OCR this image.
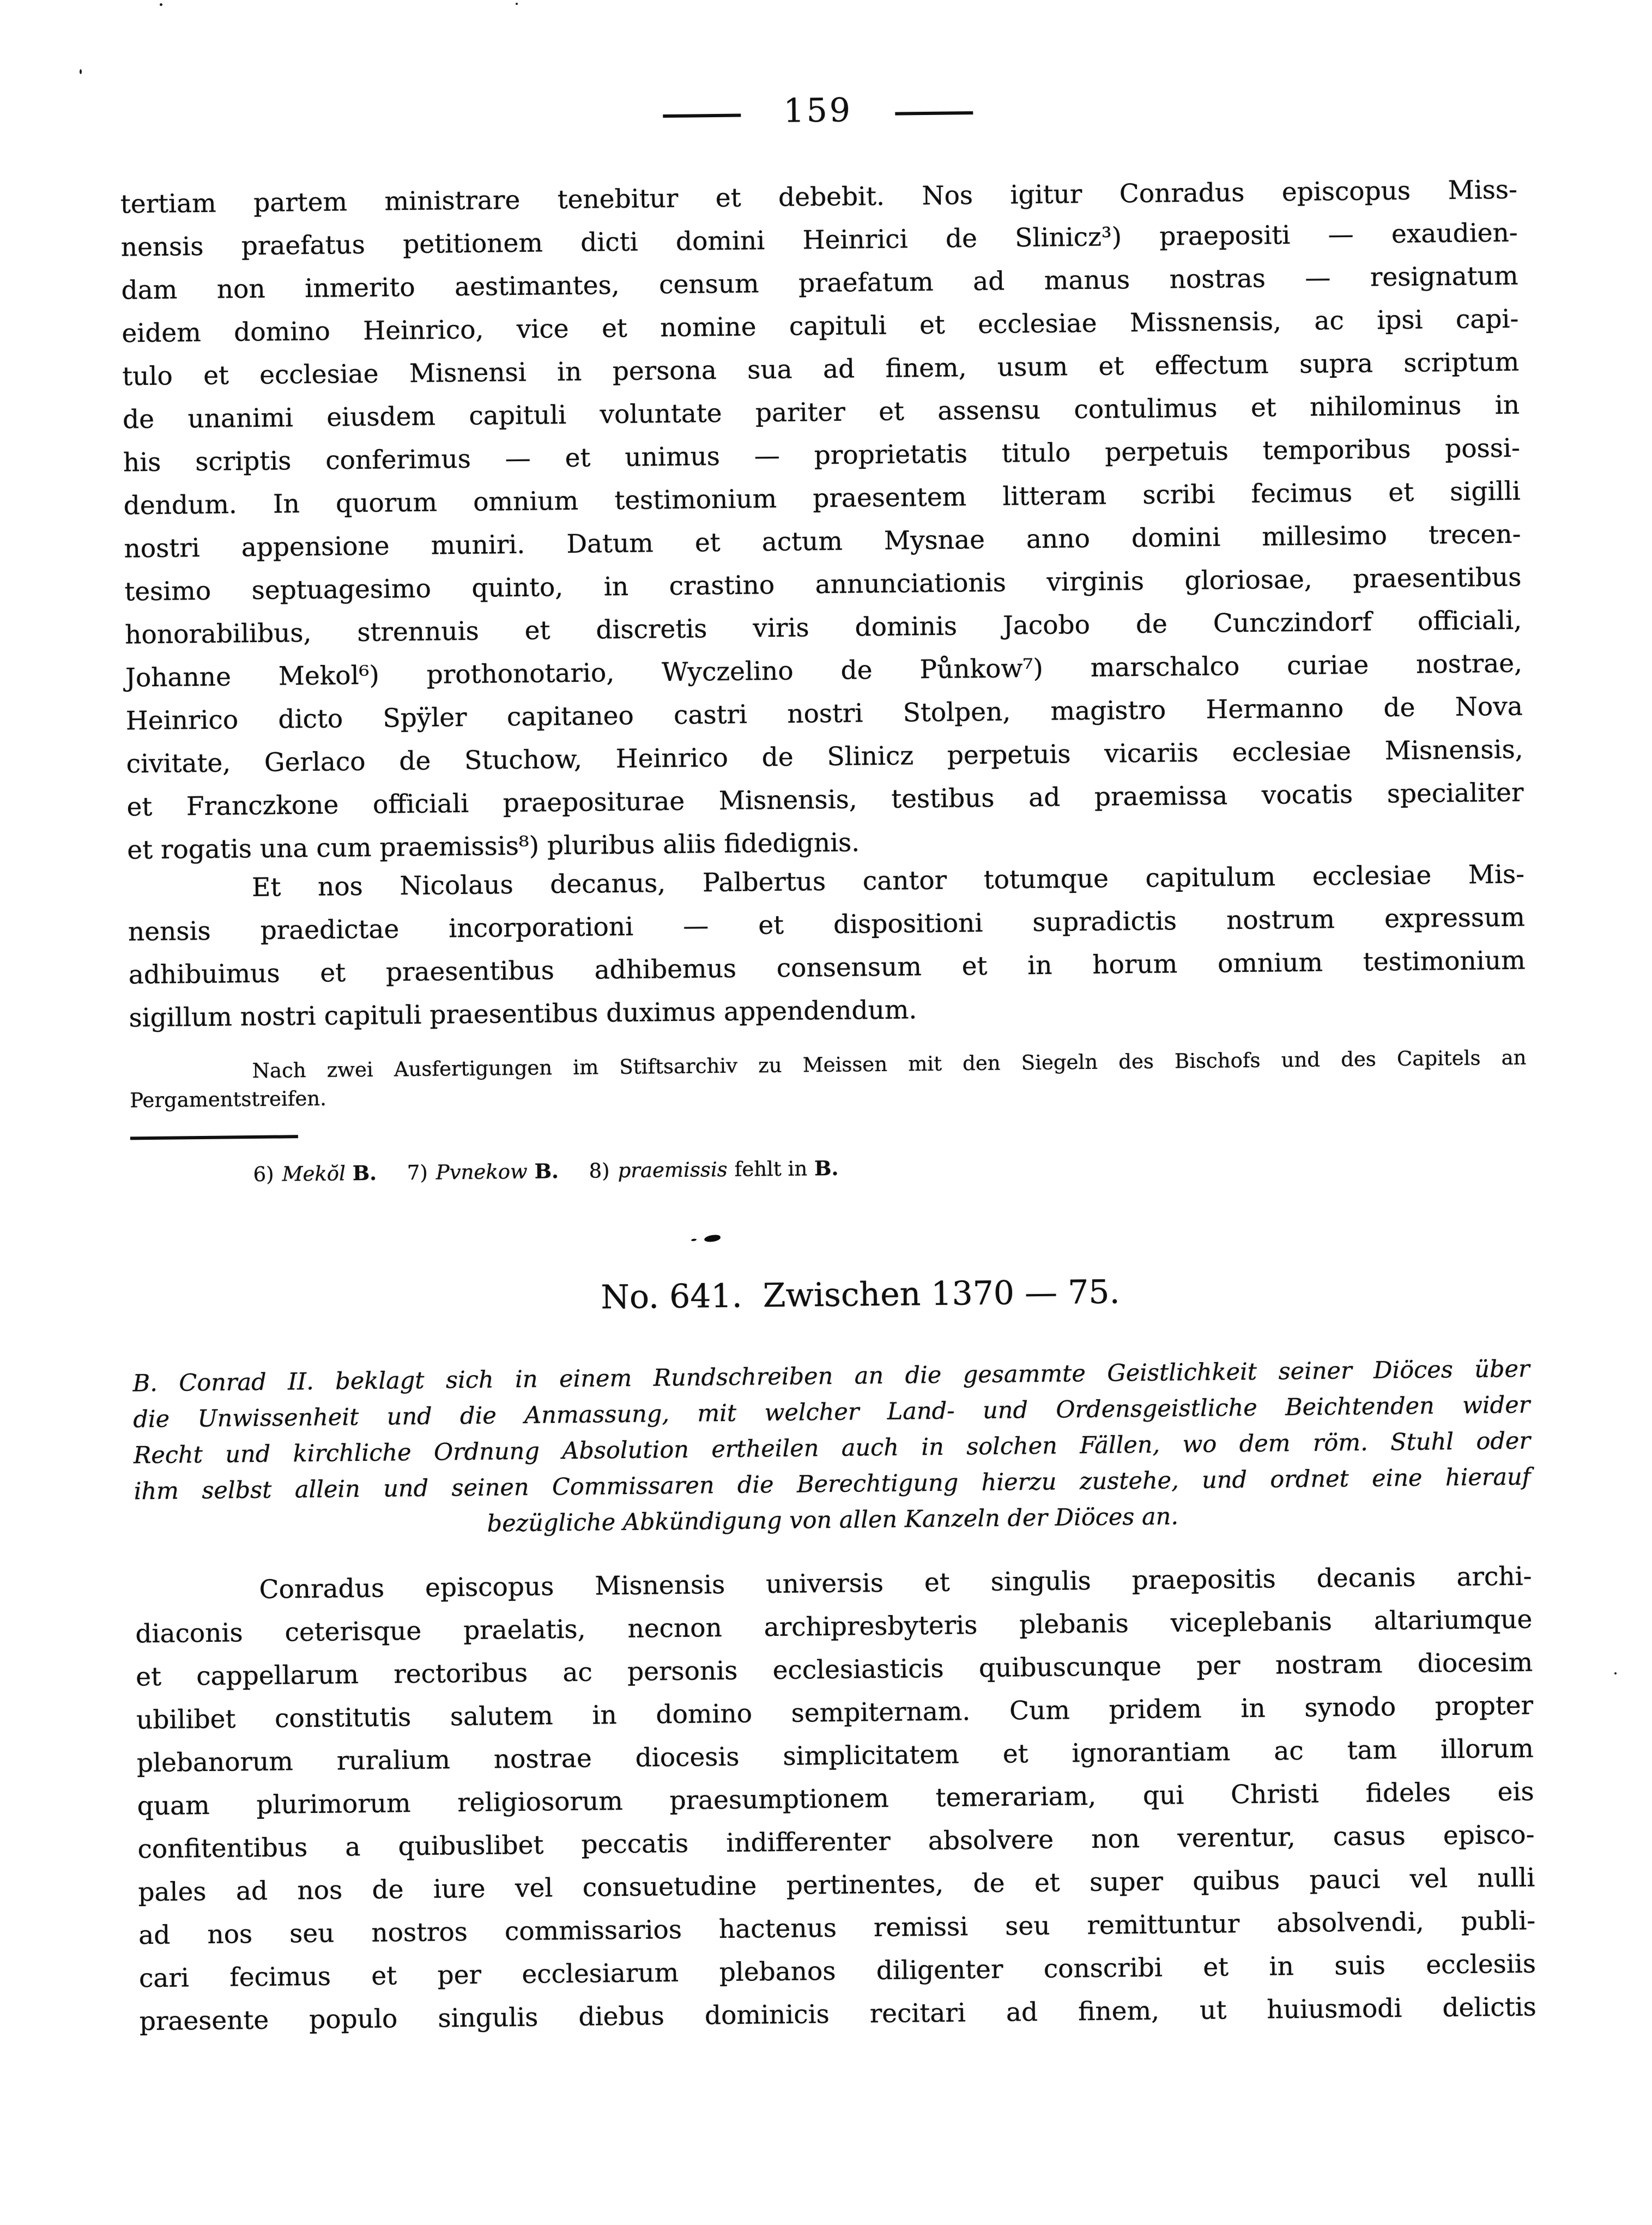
159
tertiam partem ministrare tenebitur et debebit. Nos igitur Conradus episcopus Miss-
nensis praefatus petitionem dicti domini Heinrici de Slinicz³) praepositi — exaudien-
dam non inmerito aestimantes, censum praefatum ad manus nostras — resignatum
eidem domino Heinrico, vice et nomine capituli et ecclesiae Missnensis, ac ipsi capi-
tulo et ecclesiae Misnensi in persona sua ad finem, usum et effectum supra scriptum
de unanimi eiusdem capituli voluntate pariter et assensu contulimus et nihilominus in
his scriptis conferimus — et unimus — proprietatis titulo perpetuis temporibus possi-
dendum. In quorum omnium testimonium praesentem litteram scribi fecimus et sigilli
nostri appensione muniri. Datum et actum Mysnae anno domini millesimo trecen-
tesimo septuagesimo quinto, in crastino annunciationis virginis gloriosae, praesentibus
honorabilibus, strennuis et discretis viris dominis Jacobo de Cunczindorf officiali,
Johanne Mekol⁶) prothonotario, Wyczelino de Půnkow⁷) marschalco curiae nostrae,
Heinrico dicto Spÿler capitaneo castri nostri Stolpen, magistro Hermanno de Nova
civitate, Gerlaco de Stuchow, Heinrico de Slinicz perpetuis vicariis ecclesiae Misnensis,
et Franczkone officiali praepositurae Misnensis, testibus ad praemissa vocatis specialiter
et rogatis una cum praemissis⁸) pluribus aliis fidedignis.
Et nos Nicolaus decanus, Palbertus cantor totumque capitulum ecclesiae Mis-
nensis praedictae incorporationi — et dispositioni supradictis nostrum expressum
adhibuimus et praesentibus adhibemus consensum et in horum omnium testimonium
sigillum nostri capituli praesentibus duximus appendendum.
Nach zwei Ausfertigungen im Stiftsarchiv zu Meissen mit den Siegeln des Bischofs und des Capitels an
Pergamentstreifen.
6) Mekŏl B. 7) Pvnekow B. 8) praemissis fehlt in B.
No. 641.  Zwischen 1370 — 75.
B. Conrad II. beklagt sich in einem Rundschreiben an die gesammte Geistlichkeit seiner Diöces über
die Unwissenheit und die Anmassung, mit welcher Land- und Ordensgeistliche Beichtenden wider
Recht und kirchliche Ordnung Absolution ertheilen auch in solchen Fällen, wo dem röm. Stuhl oder
ihm selbst allein und seinen Commissaren die Berechtigung hierzu zustehe, und ordnet eine hierauf
bezügliche Abkündigung von allen Kanzeln der Diöces an.
Conradus episcopus Misnensis universis et singulis praepositis decanis archi-
diaconis ceterisque praelatis, necnon archipresbyteris plebanis viceplebanis altariumque
et cappellarum rectoribus ac personis ecclesiasticis quibuscunque per nostram diocesim
ubilibet constitutis salutem in domino sempiternam. Cum pridem in synodo propter
plebanorum ruralium nostrae diocesis simplicitatem et ignorantiam ac tam illorum
quam plurimorum religiosorum praesumptionem temerariam, qui Christi fideles eis
confitentibus a quibuslibet peccatis indifferenter absolvere non verentur, casus episco-
pales ad nos de iure vel consuetudine pertinentes, de et super quibus pauci vel nulli
ad nos seu nostros commissarios hactenus remissi seu remittuntur absolvendi, publi-
cari fecimus et per ecclesiarum plebanos diligenter conscribi et in suis ecclesiis
praesente populo singulis diebus dominicis recitari ad finem, ut huiusmodi delictis
